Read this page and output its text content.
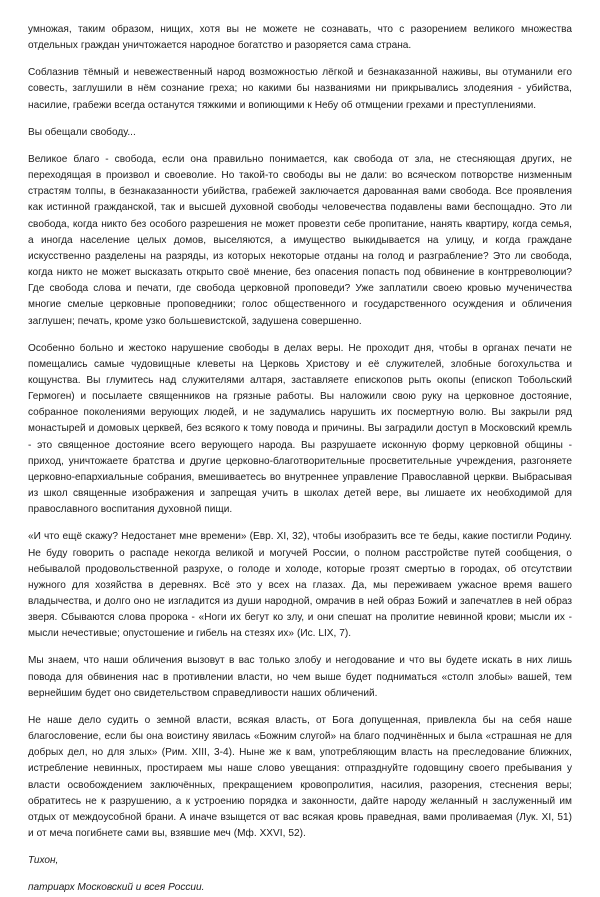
умножая, таким образом, нищих, хотя вы не можете не сознавать, что с разорением великого множества отдельных граждан уничтожается народное богатство и разоряется сама страна.

Соблазнив тёмный и невежественный народ возможностью лёгкой и безнаказанной наживы, вы отуманили его совесть, заглушили в нём сознание греха; но какими бы названиями ни прикрывались злодеяния - убийства, насилие, грабежи всегда останутся тяжкими и вопиющими к Небу об отмщении грехами и преступлениями.

Вы обещали свободу...

Великое благо - свобода, если она правильно понимается, как свобода от зла, не стесняющая других, не переходящая в произвол и своеволие. Но такой-то свободы вы не дали: во всяческом потворстве низменным страстям толпы, в безнаказанности убийства, грабежей заключается дарованная вами свобода. Все проявления как истинной гражданской, так и высшей духовной свободы человечества подавлены вами беспощадно. Это ли свобода, когда никто без особого разрешения не может провезти себе пропитание, нанять квартиру, когда семья, а иногда население целых домов, выселяются, а имущество выкидывается на улицу, и когда граждане искусственно разделены на разряды, из которых некоторые отданы на голод и разграбление? Это ли свобода, когда никто не может высказать открыто своё мнение, без опасения попасть под обвинение в контрреволюции? Где свобода слова и печати, где свобода церковной проповеди? Уже заплатили своею кровью мученичества многие смелые церковные проповедники; голос общественного и государственного осуждения и обличения заглушен; печать, кроме узко большевистской, задушена совершенно.

Особенно больно и жестоко нарушение свободы в делах веры. Не проходит дня, чтобы в органах печати не помещались самые чудовищные клеветы на Церковь Христову и её служителей, злобные богохульства и кощунства. Вы глумитесь над служителями алтаря, заставляете епископов рыть окопы (епископ Тобольский Гермоген) и посылаете священников на грязные работы. Вы наложили свою руку на церковное достояние, собранное поколениями верующих людей, и не задумались нарушить их посмертную волю. Вы закрыли ряд монастырей и домовых церквей, без всякого к тому повода и причины. Вы заградили доступ в Московский кремль - это священное достояние всего верующего народа. Вы разрушаете исконную форму церковной общины - приход, уничтожаете братства и другие церковно-благотворительные просветительные учреждения, разгоняете церковно-епархиальные собрания, вмешиваетесь во внутреннее управление Православной церкви. Выбрасывая из школ священные изображения и запрещая учить в школах детей вере, вы лишаете их необходимой для православного воспитания духовной пищи.

«И что ещё скажу? Недостанет мне времени» (Евр. XI, 32), чтобы изобразить все те беды, какие постигли Родину. Не буду говорить о распаде некогда великой и могучей России, о полном расстройстве путей сообщения, о небывалой продовольственной разрухе, о голоде и холоде, которые грозят смертью в городах, об отсутствии нужного для хозяйства в деревнях. Всё это у всех на глазах. Да, мы переживаем ужасное время вашего владычества, и долго оно не изгладится из души народной, омрачив в ней образ Божий и запечатлев в ней образ зверя. Сбываются слова пророка - «Ноги их бегут ко злу, и они спешат на пролитие невинной крови; мысли их - мысли нечестивые; опустошение и гибель на стезях их» (Ис. LIX, 7).

Мы знаем, что наши обличения вызовут в вас только злобу и негодование и что вы будете искать в них лишь повода для обвинения нас в противлении власти, но чем выше будет подниматься «столп злобы» вашей, тем вернейшим будет оно свидетельством справедливости наших обличений.

Не наше дело судить о земной власти, всякая власть, от Бога допущенная, привлекла бы на себя наше благословение, если бы она воистину явилась «Божним слугой» на благо подчинённых и была «страшная не для добрых дел, но для злых» (Рим. XIII, 3-4). Ныне же к вам, употребляющим власть на преследование ближних, истребление невинных, простираем мы наше слово увещания: отпразднуйте годовщину своего пребывания у власти освобождением заключённых, прекращением кровопролития, насилия, разорения, стеснения веры; обратитесь не к разрушению, а к устроению порядка и законности, дайте народу желанный н заслуженный им отдых от междоусобной брани. А иначе взыщется от вас всякая кровь праведная, вами проливаемая (Лук. XI, 51) и от меча погибнете сами вы, взявшие меч (Мф. XXVI, 52).

Тихон,

патриарх Московский и всея России.
